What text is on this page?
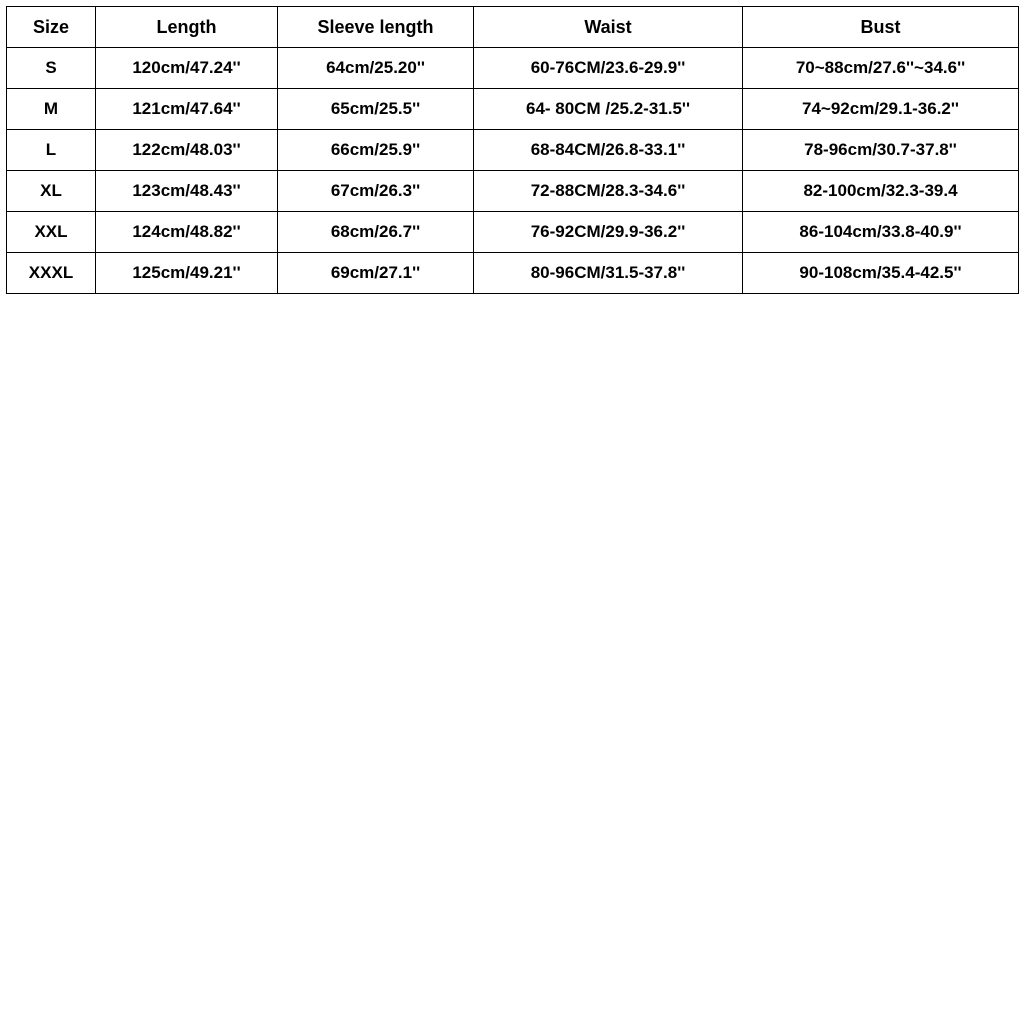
Size	Length	Sleeve length	Waist	Bust
S	120cm/47.24''	64cm/25.20''	60-76CM/23.6-29.9''	70~88cm/27.6''~34.6''
M	121cm/47.64''	65cm/25.5''	64- 80CM /25.2-31.5''	74~92cm/29.1-36.2''
L	122cm/48.03''	66cm/25.9''	68-84CM/26.8-33.1''	78-96cm/30.7-37.8''
XL	123cm/48.43''	67cm/26.3''	72-88CM/28.3-34.6''	82-100cm/32.3-39.4
XXL	124cm/48.82''	68cm/26.7''	76-92CM/29.9-36.2''	86-104cm/33.8-40.9''
XXXL	125cm/49.21''	69cm/27.1''	80-96CM/31.5-37.8''	90-108cm/35.4-42.5''
